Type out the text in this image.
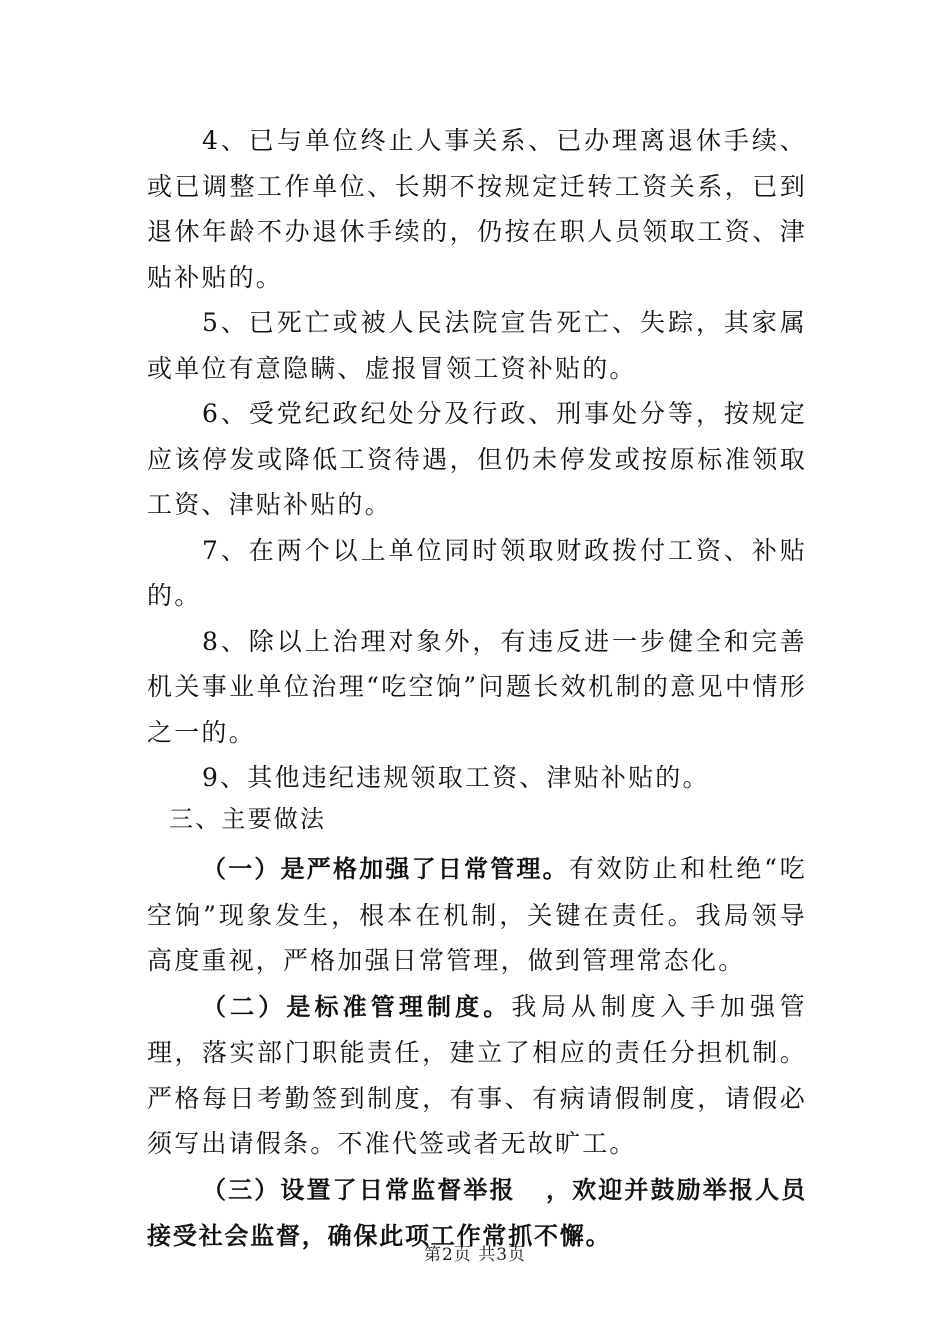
4、已与单位终止人事关系、已办理离退休手续、或已调整工作单位、长期不按规定迁转工资关系，已到退休年龄不办退休手续的，仍按在职人员领取工资、津贴补贴的。

5、已死亡或被人民法院宣告死亡、失踪，其家属或单位有意隐瞒、虚报冒领工资补贴的。

6、受党纪政纪处分及行政、刑事处分等，按规定应该停发或降低工资待遇，但仍未停发或按原标准领取工资、津贴补贴的。

7、在两个以上单位同时领取财政拨付工资、补贴的。

8、除以上治理对象外，有违反进一步健全和完善机关事业单位治理“吃空饷”问题长效机制的意见中情形之一的。

9、其他违纪违规领取工资、津贴补贴的。

三、主要做法

（一）是严格加强了日常管理。有效防止和杜绝“吃空饷”现象发生，根本在机制，关键在责任。我局领导高度重视，严格加强日常管理，做到管理常态化。

（二）是标准管理制度。我局从制度入手加强管理，落实部门职能责任，建立了相应的责任分担机制。严格每日考勤签到制度，有事、有病请假制度，请假必须写出请假条。不准代签或者无故旷工。

（三）设置了日常监督举报 ，欢迎并鼓励举报人员接受社会监督，确保此项工作常抓不懈。

第2页 共3页
